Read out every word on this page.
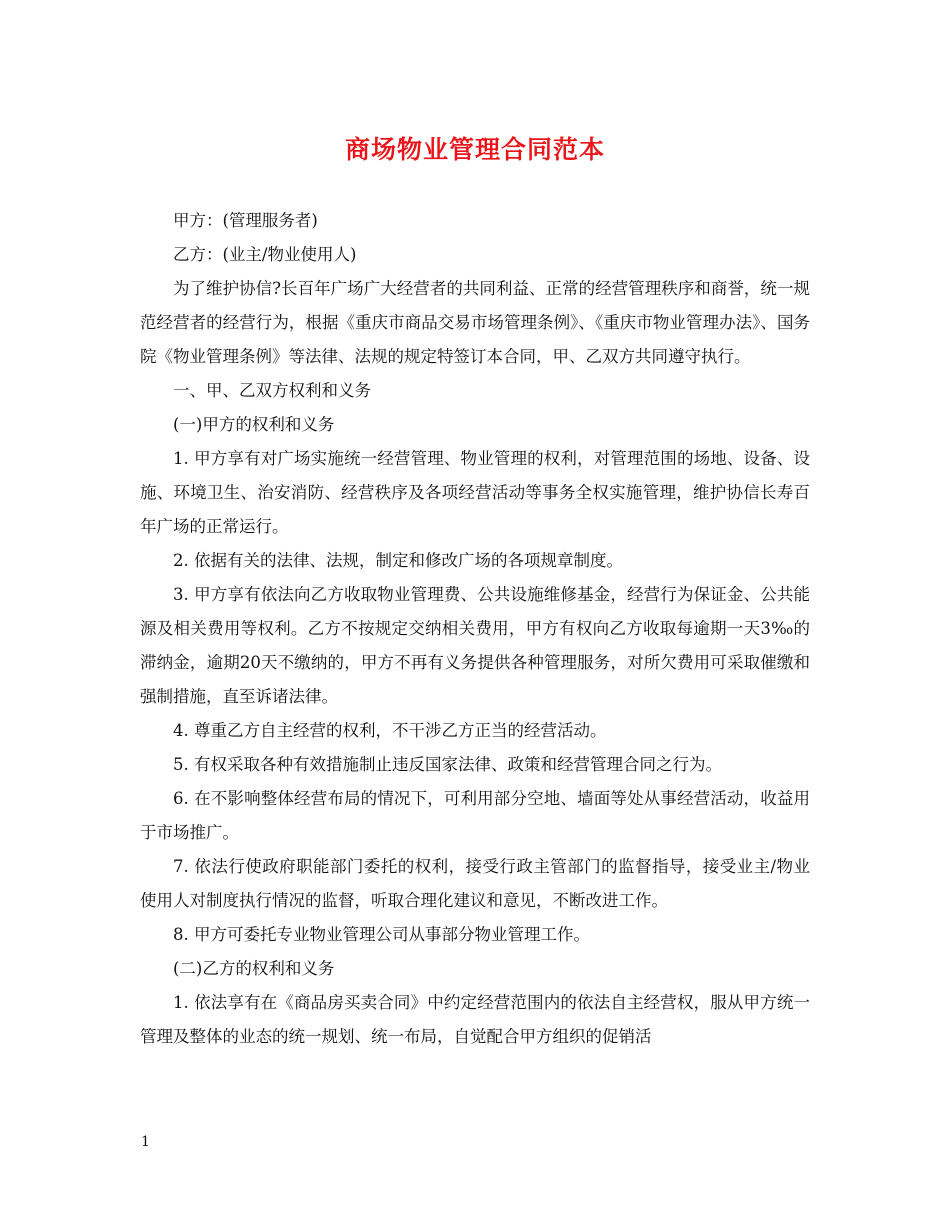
商场物业管理合同范本

甲方：(管理服务者)

乙方：(业主/物业使用人)

为了维护协信?长百年广场广大经营者的共同利益、正常的经营管理秩序和商誉，统一规范经营者的经营行为，根据《重庆市商品交易市场管理条例》、《重庆市物业管理办法》、国务院《物业管理条例》等法律、法规的规定特签订本合同，甲、乙双方共同遵守执行。

一、甲、乙双方权利和义务

(一)甲方的权利和义务

1. 甲方享有对广场实施统一经营管理、物业管理的权利，对管理范围的场地、设备、设施、环境卫生、治安消防、经营秩序及各项经营活动等事务全权实施管理，维护协信长寿百年广场的正常运行。

2. 依据有关的法律、法规，制定和修改广场的各项规章制度。

3. 甲方享有依法向乙方收取物业管理费、公共设施维修基金，经营行为保证金、公共能源及相关费用等权利。乙方不按规定交纳相关费用，甲方有权向乙方收取每逾期一天3‰的滞纳金，逾期20天不缴纳的，甲方不再有义务提供各种管理服务，对所欠费用可采取催缴和强制措施，直至诉诸法律。

4. 尊重乙方自主经营的权利，不干涉乙方正当的经营活动。

5. 有权采取各种有效措施制止违反国家法律、政策和经营管理合同之行为。

6. 在不影响整体经营布局的情况下，可利用部分空地、墙面等处从事经营活动，收益用于市场推广。

7. 依法行使政府职能部门委托的权利，接受行政主管部门的监督指导，接受业主/物业使用人对制度执行情况的监督，听取合理化建议和意见，不断改进工作。

8. 甲方可委托专业物业管理公司从事部分物业管理工作。

(二)乙方的权利和义务

1. 依法享有在《商品房买卖合同》中约定经营范围内的依法自主经营权，服从甲方统一管理及整体的业态的统一规划、统一布局，自觉配合甲方组织的促销活

1
